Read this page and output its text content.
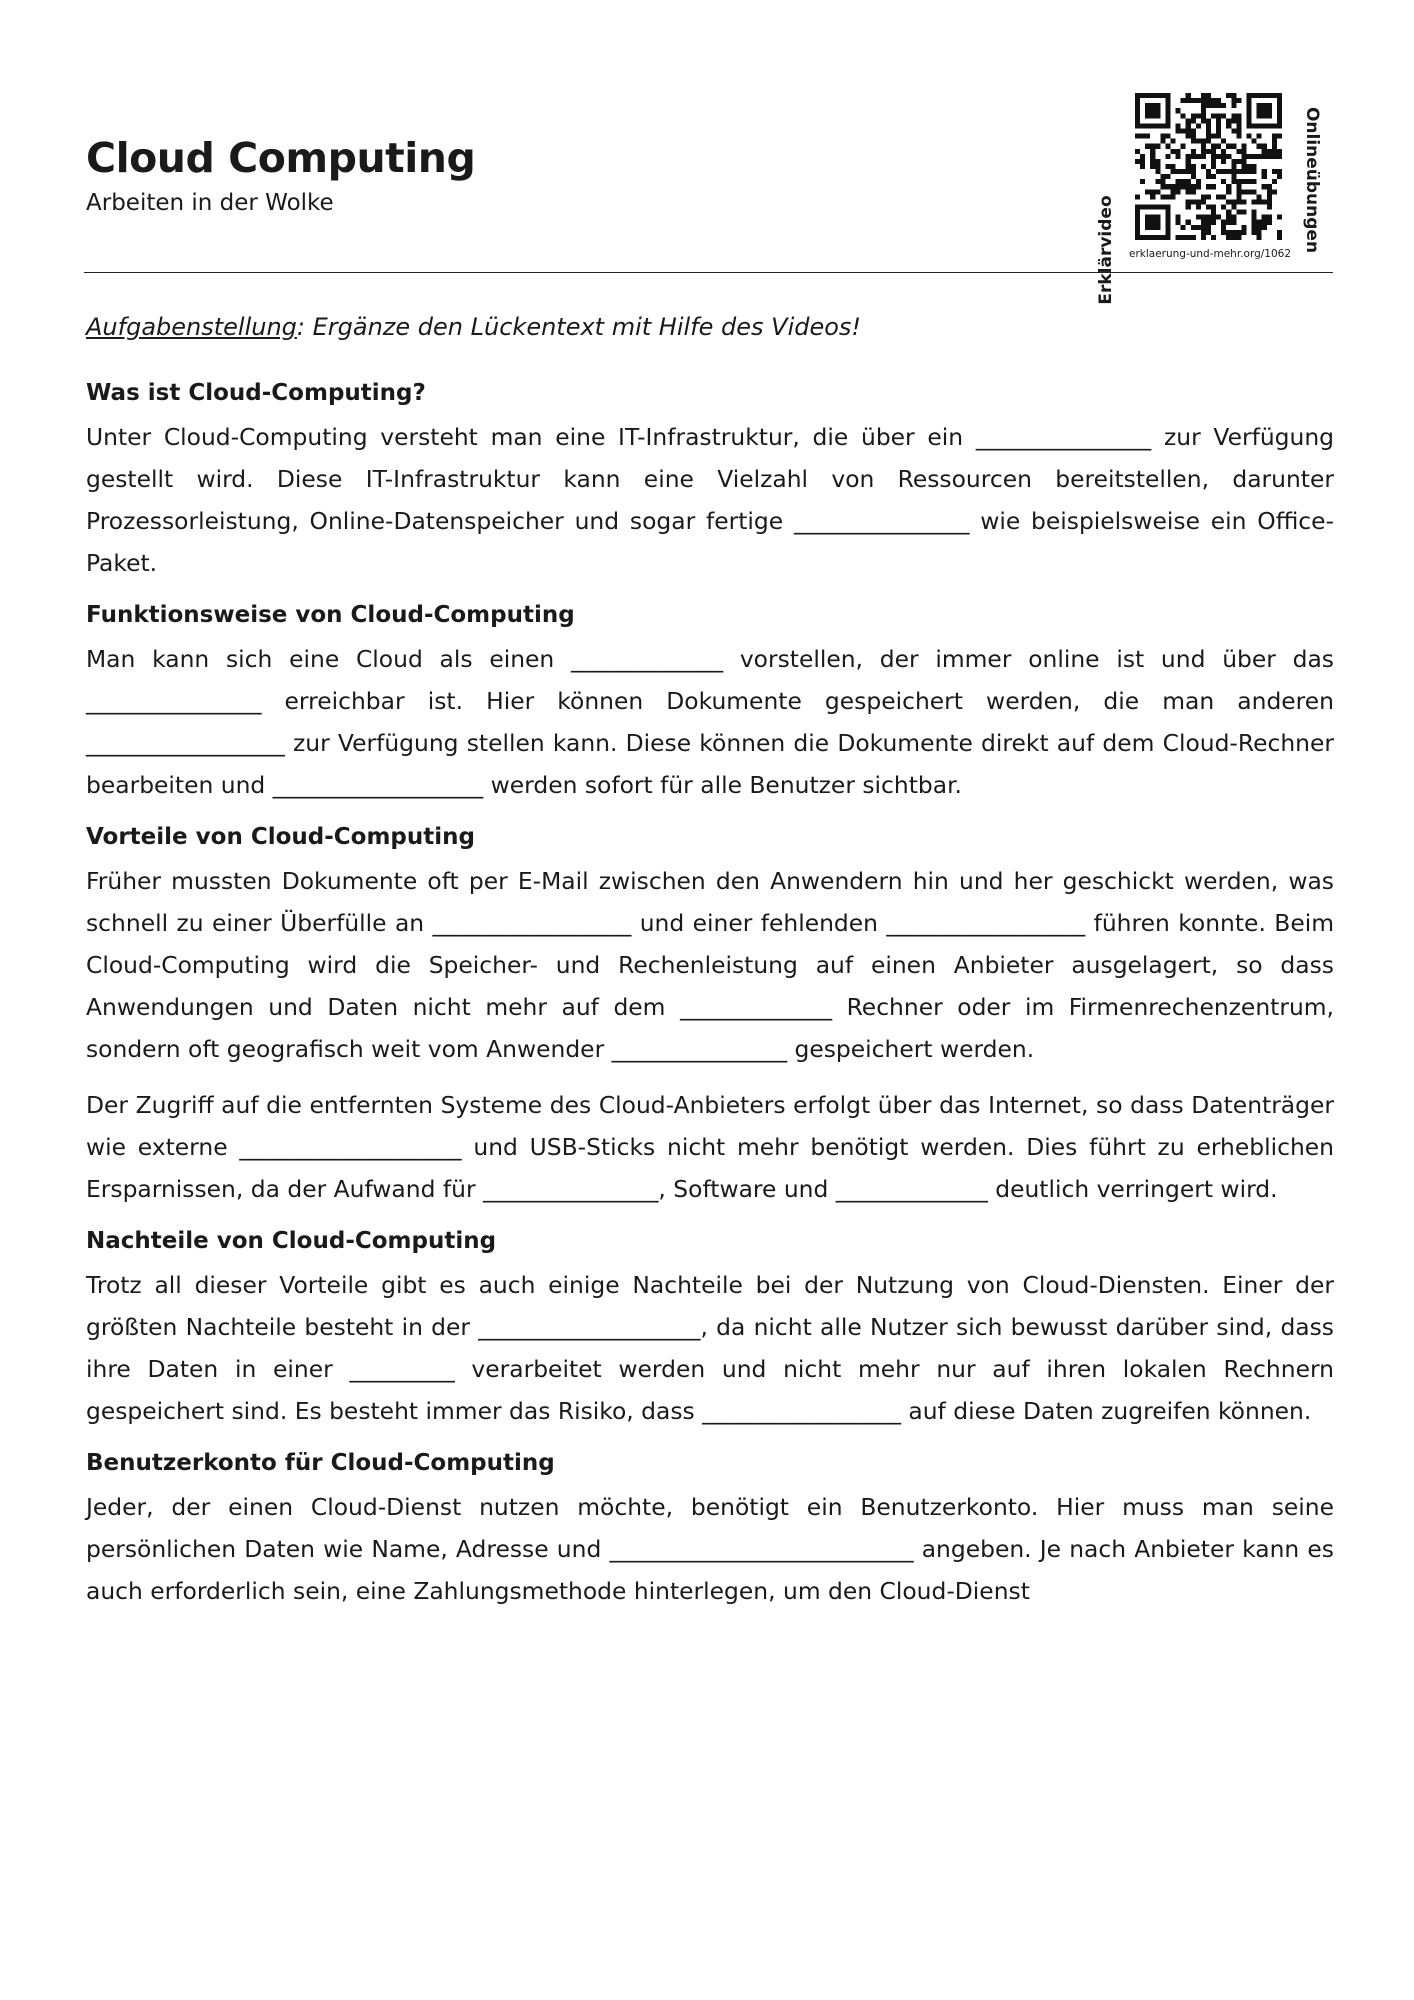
Cloud Computing
Arbeiten in der Wolke	Erklärvideo	Onlineübungen
erklaerung-und-mehr.org/1062
Aufgabenstellung: Ergänze den Lückentext mit Hilfe des Videos!
Was ist Cloud-Computing?

Unter Cloud-Computing versteht man eine IT-Infrastruktur, die über ein _______________ zur Verfügung gestellt wird. Diese IT-Infrastruktur kann eine Vielzahl von Ressourcen bereitstellen, darunter Prozessorleistung, Online-Datenspeicher und sogar fertige _______________ wie beispielsweise ein Office-Paket.

Funktionsweise von Cloud-Computing

Man kann sich eine Cloud als einen _____________ vorstellen, der immer online ist und über das _______________ erreichbar ist. Hier können Dokumente gespeichert werden, die man anderen _________________ zur Verfügung stellen kann. Diese können die Dokumente direkt auf dem Cloud-Rechner bearbeiten und __________________ werden sofort für alle Benutzer sichtbar.

Vorteile von Cloud-Computing

Früher mussten Dokumente oft per E-Mail zwischen den Anwendern hin und her geschickt werden, was schnell zu einer Überfülle an _________________ und einer fehlenden _________________ führen konnte. Beim Cloud-Computing wird die Speicher- und Rechenleistung auf einen Anbieter ausgelagert, so dass Anwendungen und Daten nicht mehr auf dem _____________ Rechner oder im Firmenrechenzentrum, sondern oft geografisch weit vom Anwender _______________ gespeichert werden.

Der Zugriff auf die entfernten Systeme des Cloud-Anbieters erfolgt über das Internet, so dass Datenträger wie externe ___________________ und USB-Sticks nicht mehr benötigt werden. Dies führt zu erheblichen Ersparnissen, da der Aufwand für _______________, Software und _____________ deutlich verringert wird.

Nachteile von Cloud-Computing

Trotz all dieser Vorteile gibt es auch einige Nachteile bei der Nutzung von Cloud-Diensten. Einer der größten Nachteile besteht in der ___________________, da nicht alle Nutzer sich bewusst darüber sind, dass ihre Daten in einer _________ verarbeitet werden und nicht mehr nur auf ihren lokalen Rechnern gespeichert sind. Es besteht immer das Risiko, dass _________________ auf diese Daten zugreifen können.

Benutzerkonto für Cloud-Computing

Jeder, der einen Cloud-Dienst nutzen möchte, benötigt ein Benutzerkonto. Hier muss man seine persönlichen Daten wie Name, Adresse und __________________________ angeben. Je nach Anbieter kann es auch erforderlich sein, eine Zahlungsmethode hinterlegen, um den Cloud-Dienst
